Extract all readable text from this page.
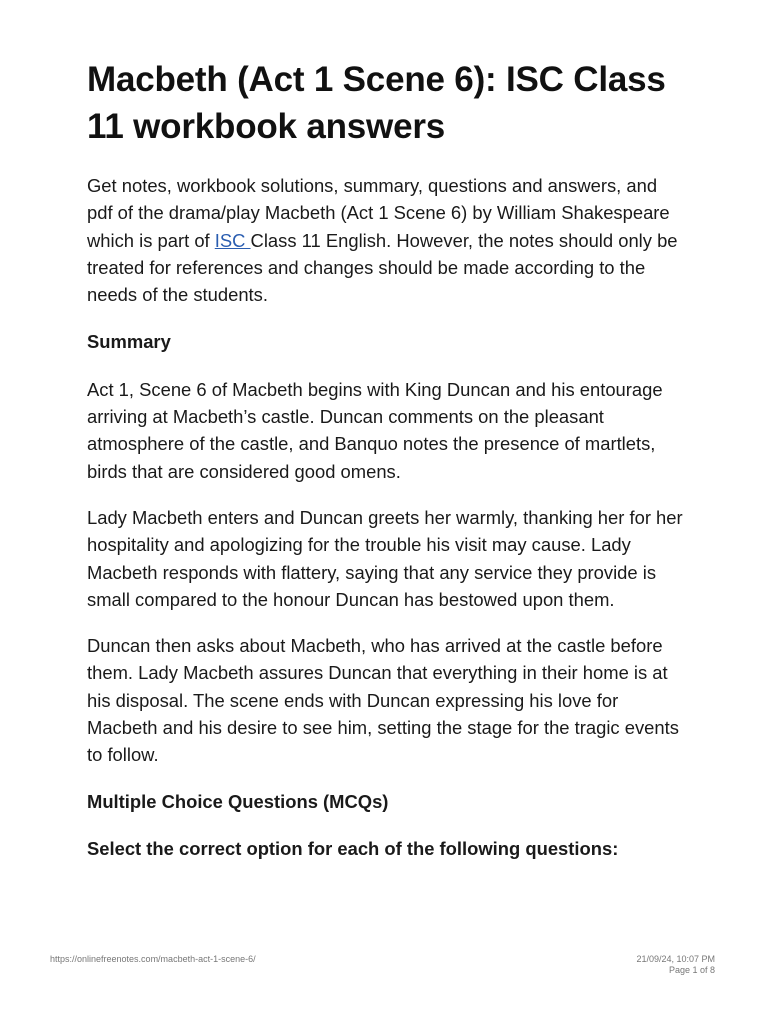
Macbeth (Act 1 Scene 6): ISC Class 11 workbook answers

Get notes, workbook solutions, summary, questions and answers, and pdf of the drama/play Macbeth (Act 1 Scene 6) by William Shakespeare which is part of ISC Class 11 English. However, the notes should only be treated for references and changes should be made according to the needs of the students.

Summary

Act 1, Scene 6 of Macbeth begins with King Duncan and his entourage arriving at Macbeth’s castle. Duncan comments on the pleasant atmosphere of the castle, and Banquo notes the presence of martlets, birds that are considered good omens.

Lady Macbeth enters and Duncan greets her warmly, thanking her for her hospitality and apologizing for the trouble his visit may cause. Lady Macbeth responds with flattery, saying that any service they provide is small compared to the honour Duncan has bestowed upon them.

Duncan then asks about Macbeth, who has arrived at the castle before them. Lady Macbeth assures Duncan that everything in their home is at his disposal. The scene ends with Duncan expressing his love for Macbeth and his desire to see him, setting the stage for the tragic events to follow.

Multiple Choice Questions (MCQs)

Select the correct option for each of the following questions:

https://onlinefreenotes.com/macbeth-act-1-scene-6/	21/09/24, 10:07 PM
Page 1 of 8
